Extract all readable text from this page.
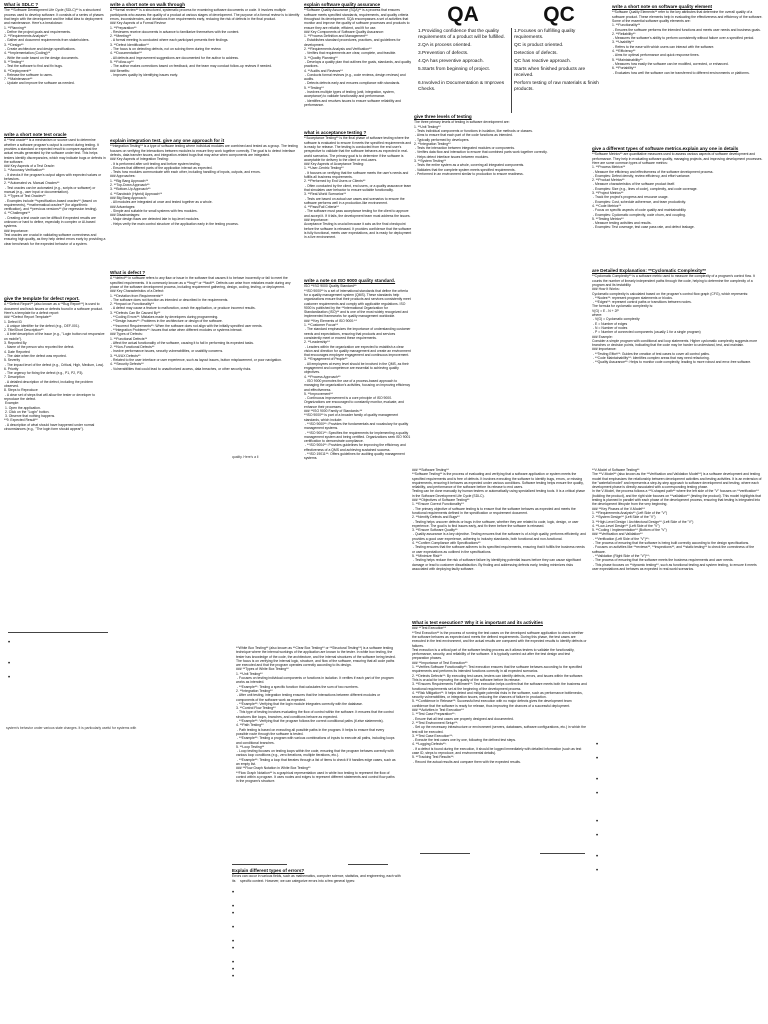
QA	QC
1.Providing confidence that the quality requirements of a product will be fulfilled.
1.Focuses on fulfilling quality requirements.
2.QA is process oriented.	QC is product oriented.
3.Prevention of defects.	Detection of defects.
4.QA has preventive approach.	QC has reactive approach.
5.Starts from beginning of project.	Starts when finished products are received.
6.Involved in Documentation & Improves Checks.
Perform testing of raw materials & finish products.
What is SDLC ?

The **Software Development Life Cycle (SDLC)** is a structured process used to develop software. It consists of a series of phases that begin with the development and the initial idea to deployment and maintenance. Here's a breakdown:
1. **Planning**
- Define the project goals and requirements.
2. **Requirements Analysis**
- Gather and document requirements from stakeholders.
3. **Design**
- Create architecture and design specifications.
4. **Implementation (Coding)**
- Write the code based on the design documents.
5. **Testing**
- Test the software to find and fix bugs.
6. **Deployment**
- Release the software to users.
7. **Maintenance**
- Update and improve the software as needed.

write a short note test oracle

A **test oracle** is a mechanism or source used to determine whether a software program's output is correct during testing. It provides a standard or expected result to compare against the actual results generated by the software under test. This helps testers identify discrepancies, which may indicate bugs or defects in the software.
### Key Aspects of a Test Oracle:
1. **Accuracy Verification**
- It checks if the program's output aligns with expected values or behaviors.
2. **Automated vs. Manual Oracles**
- Test oracles can be automated (e.g., scripts or software) or manual (e.g., user input or documentation).
3. **Types of Test Oracles**
- Examples include **specification-based oracles** (based on requirements), **mathematical oracles** (for algorithmic verification), and **previous versions** (for regression testing).
4. **Challenges**
- Creating a test oracle can be difficult if expected results are unknown or hard to define, especially in complex or AI-based systems.
### Importance:
Test oracles are crucial in validating software correctness and ensuring high quality, as they help detect errors early by providing a clear benchmark for the expected behavior of a system.

give the template for defect report.

A **Defect Report** (also known as a **Bug Report**) is used to document and track issues or defects found in a software product. Here's a template for a defect report:
### **Defect Report Template**
1. Defect ID
- A unique identifier for the defect (e.g., DEF-001).
2. Title/Short Description**
- A brief description of the issue (e.g., "Login button not responsive on mobile").
3. Reported By
- Name of the person who reported the defect.
4. Date Reported
- The date when the defect was reported.
5. Severity
- The impact level of the defect (e.g., Critical, High, Medium, Low).
6. Priority
- The urgency for fixing the defect (e.g., P1, P2, P3).
7. Description
- A detailed description of the defect, including the problem observed.
8. Steps to Reproduce
- A clear set of steps that will allow the tester or developer to reproduce the defect.
Example:
1. Open the application.
2. Click on the "Login" button.
3. Observe that nothing happens.
**9. Expected Result**
- A description of what should have happened under normal circumstances (e.g., "The login form should appear").

write a short note on walk through

A **formal review** is a structured, systematic process for examining software documents or code. It involves multiple participants who assess the quality of a product at various stages of development. The purpose of a formal review is to identify errors, inconsistencies, and deviations from requirements early, reducing the risk of defects in the final product.
### Key Aspects of a Formal Review:
1. **Preparation**
- Reviewers receive documents in advance to familiarize themselves with the content.
2. **Meeting**
- A formal meeting is conducted where each participant presents their findings.
3. **Defect Identification**
- The focus is on detecting defects, not on solving them during the review.
4. **Documentation**
- All defects and improvement suggestions are documented for the author to address.
5. **Follow-up**
- The author makes corrections based on feedback, and the team may conduct follow-up reviews if needed.
### Benefits:
- Improves quality by identifying issues early.

explain integration test. give any one approach for it

**Integration Testing** is a type of software testing where individual modules are combined and tested as a group. The testing focuses on verifying the interactions between modules to ensure they work together correctly. The goal is to detect interface defects, data transfer issues, and integration-related bugs that may arise when components are integrated.
### Key Aspects of Integration Testing:
- It is performed after unit testing and before system testing.
- Ensures that different parts of the application interact as expected.
- Tests how modules communicate with each other, including handling of inputs, outputs, and errors.
### Approaches:
1. **Big Bang Approach**
2. **Top-Down Approach**
3. **Bottom-Up Approach**
4. **Sandwich (Hybrid) Approach**
### Big Bang Approach:
- All modules are integrated at once and tested together as a whole.
### Advantages:
- Simple and suitable for small systems with few modules.
### Disadvantages:
- Major design flaws are detected late in top-level modules.
- Helps verify the main control structure of the application early in the testing process.

What is defect ?

A **defect** in software refers to any flaw or issue in the software that causes it to behave incorrectly or fail to meet the specified requirements. It is commonly known as a **bug** or **fault**. Defects can arise from mistakes made during any phase of the software development process, including requirement gathering, design, coding, testing, or deployment.
### Key Characteristics of a Defect:
1. **Deviation from Requirements**
- The software does not function as intended or described in the requirements.
2. **Impact on Functionality**
- A defect may cause a feature to malfunction, crash the application, or produce incorrect results.
3. **Defects Can Be Caused By**
- **Coding Errors**: Mistakes made by developers during programming.
- **Design Issues**: Problems in the architecture or design of the software.
- **Incorrect Requirements**: When the software does not align with the initially specified user needs.
- **Integration Problems**: Issues that arise when different modules or systems interact.
### Types of Defects:
1. **Functional Defects**
- Affect the actual functionality of the software, causing it to fail in performing its expected tasks.
2. **Non-Functional Defects**
- Involve performance issues, security vulnerabilities, or usability concerns.
3. **UI/UX Defects**
- Related to the user interface or user experience, such as layout issues, button misplacement, or poor navigation.
4. **Security Defects**
- Vulnerabilities that could lead to unauthorized access, data breaches, or other security risks.

explain software quality assurance

**Software Quality Assurance (SQA)** is a process that ensures software meets specified standards, requirements, and quality criteria throughout its development. SQA encompasses a set of activities that monitor and improve the quality of software processes and products to ensure they are reliable, efficient, and fit for use.
### Key Components of Software Quality Assurance:
1. **Process Definition and Management**
- Establishes standard procedures, practices, and guidelines for development.
2. **Requirements Analysis and Verification**
- Verifies that requirements are clear, complete, and feasible.
3. **Quality Planning**
- Develops a quality plan that outlines the goals, standards, and quality practices.
4. **Audits and Reviews**
- Conducts formal reviews (e.g., code reviews, design reviews) and audits.
- Detects defects early and ensures compliance with standards.
5. **Testing**
- Involves multiple types of testing (unit, integration, system, acceptance) to validate functionality and performance.
- Identifies and resolves issues to ensure software reliability and performance.

what is acceptance testing ?

**Acceptance Testing** is the final phase of software testing where the software is evaluated to ensure it meets the specified requirements and is ready for release. The testing is conducted from the end user's perspective to validate that the software behaves as expected in real-world scenarios. The primary goal is to determine if the software is acceptable for delivery to the client or end-users.
### Key Aspects of Acceptance Testing:
1. **User-Centric Testing**
- It focuses on verifying that the software meets the user's needs and fulfills all business requirements.
2. **Performed by End Users or Clients**
- Often conducted by the client, end users, or a quality assurance team that simulates user behavior to ensure suitable functionality.
3. **Real-World Scenarios**
- Tests are based on actual use cases and scenarios to ensure the software performs well in a production-like environment.
4. **Pass/Fail Criteria**
- The software must pass acceptance testing for the client to approve and accept it. If it fails, the development team must address the issues.
### Importance:
Acceptance Testing is crucial because it acts as the final checkpoint before the software is released. It provides confidence that the software is fully functional, meets user expectations, and is ready for deployment in a live environment.

write a note on ISO 9000 quality standard.

ISO **ISO 9000 Quality Standard**
**ISO 9000** is a set of international standards that define the criteria for a quality management system (QMS). These standards help organizations ensure that their products and services consistently meet customer requirements and comply with applicable regulations. ISO 9000 is published by the **International Organization for Standardization (ISO)** and is one of the most widely recognized and implemented frameworks for quality management worldwide.
### **Key Elements of ISO 9000:**
1. **Customer Focus**
- The standard emphasizes the importance of understanding customer needs and expectations, ensuring that products and services consistently meet or exceed these requirements.
2. **Leadership**
- Leaders within the organization are expected to establish a clear vision and direction for quality management and create an environment that encourages employee engagement and continuous improvement.
3. **Engagement of People**
- All employees at every level should be involved in the QMS, as their engagement and competence are essential to achieving quality objectives.
4. **Process Approach**
- ISO 9000 promotes the use of a process-based approach to managing the organization's activities, focusing on improving efficiency and effectiveness.
5. **Improvement**
- Continuous improvement is a core principle of ISO 9000. Organizations are encouraged to constantly monitor, evaluate, and enhance their processes.
### **ISO 9000 Family of Standards:**
**ISO 9000** is part of a broader family of quality management standards, which include:
- **ISO 9000**: Provides the fundamentals and vocabulary for quality management systems.
- **ISO 9001**: Specifies the requirements for implementing a quality management system and being certified. Organizations seek ISO 9001 certification to demonstrate compliance.
- **ISO 9004**: Provides guidelines for improving the efficiency and effectiveness of a QMS and achieving sustained success.
- **ISO 19011**: Offers guidelines for auditing quality management systems.

give three levels of testing

The three primary levels of testing in software development are:
1. **Unit Testing**
- Tests individual components or functions in isolation, like methods or classes.
- Aims to ensure that each part of the code functions as intended.
- Typically performed by developers.
2. **Integration Testing**
- Tests the interaction between integrated modules or components.
- Verifies data flow and interaction to ensure that combined parts work together correctly.
- Helps detect interface issues between modules.
3. **System Testing**
- Tests the entire system as a whole, covering all integrated components.
- Validates that the complete system meets specified requirements.
- Performed in an environment similar to production to ensure readiness.

write a short note on software quality element

**Software Quality Elements** refer to the key attributes that determine the overall quality of a software product. These elements help in evaluating the effectiveness and efficiency of the software. Some of the essential software quality elements are:
1. **Functionality**
- Ensures the software performs the intended functions and meets user needs and business goals.
2. **Reliability**
- Measures the software's ability to perform consistently without failure over a specified period.
3. **Usability**
- Refers to the ease with which users can interact with the software.
4. **Efficiency**
- Aims for optimal performance and quick response times.
5. **Maintainability**
- Measures how easily the software can be modified, corrected, or enhanced.
6. **Portability**
- Evaluates how well the software can be transferred to different environments or platforms.

give a different types of software metrics.explain any one in details

**Software Metrics** are quantitative measures used to assess various aspects of software development and performance. They help in evaluating software quality, managing projects, and improving development processes. Here are some common types of software metrics:
1. **Process Metrics**
- Measure the efficiency and effectiveness of the software development process.
- Examples: Defect density, review efficiency, and effort variance.
2. **Product Metrics**
- Measure characteristics of the software product itself.
- Examples: Size (e.g., lines of code), complexity, and code coverage.
3. **Project Metrics**
- Track the project's progress and resource usage.
- Examples: Cost, schedule adherence, and team productivity.
4. **Code Metrics**
- Focus on specific aspects of code quality and maintainability.
- Examples: Cyclomatic complexity, code churn, and coupling.
5. **Testing Metrics**
- Measure testing activities and results.
- Examples: Test coverage, test case pass rate, and defect leakage.

are Detailed Explanation: **Cyclomatic Complexity**

**Cyclomatic Complexity** is a software metric used to measure the complexity of a program's control flow. It counts the number of linearly independent paths through the code, helping to determine the complexity of a program and its testability.
### How It Works:
Cyclomatic complexity is calculated based on the program's control flow graph (CFG), which represents:
- **Nodes**: represent program statements or blocks.
- **Edges**: represent control paths or transitions between nodes.
The formula for cyclomatic complexity is:
V(G) = E - N + 2P
where:
- V(G) = Cyclomatic complexity
- E = Number of edges
- N = Number of nodes
- P = Number of connected components (usually 1 for a single program)
### Example:
Consider a simple program with conditional and loop statements. Higher cyclomatic complexity suggests more branches or decision points, indicating that the code may be harder to understand, test, and maintain.
### Importance:
- **Testing Effort**: Guides the creation of test cases to cover all control paths.
- **Code Maintainability**: Identifies complex areas that may need refactoring.
- **Quality Assurance**: Helps to monitor code complexity, leading to more robust and error-free software.

quality. Here's a li

system's behavior under various state changes. It is particularly useful for systems with

•

•

•

**White Box Testing** (also known as **Clear Box Testing** or **Structural Testing**) is a software testing technique where the internal workings of the application are known to the tester. In white box testing, the tester has knowledge of the code, the architecture, and the internal structures of the software being tested. The focus is on verifying the internal logic, structure, and flow of the software, ensuring that all code paths are executed and that the program operates correctly according to its design.
### **Types of White Box Testing**
1. **Unit Testing**
- Focuses on testing individual components or functions in isolation. It verifies if each part of the program works as intended.
- **Example**: Testing a specific function that calculates the sum of two numbers.
2. **Integration Testing**
- After unit testing, integration testing ensures that the interactions between different modules or components of the software work as expected.
- **Example**: Verifying that the login module integrates correctly with the database.
3. **Control Flow Testing**
- This type of testing involves evaluating the flow of control within the software. It ensures that the control structures like loops, branches, and conditions behave as expected.
- **Example**: Verifying that the program follows the correct conditional paths (if-else statements).
4. **Path Testing**
- Path testing is based on executing all possible paths in the program. It helps to ensure that every possible route through the software is tested.
- **Example**: Testing a program with various combinations of inputs to execute all paths, including loops and conditional branches.
5. **Loop Testing**
- Loop testing focuses on testing loops within the code, ensuring that the program behaves correctly with various loop conditions (e.g., zero iterations, multiple iterations, etc.).
- **Example**: Testing a loop that iterates through a list of items to check if it handles edge cases, such as an empty list.
### **Flow Graph Notation in White Box Testing**
**Flow Graph Notation** is a graphical representation used in white box testing to represent the flow of control within a program. It uses nodes and edges to represent different statements and control flow paths in the program's structure.

Explain different types of errors?

Errors can occur in various fields, such as mathematics, computer science, statistics, and engineering, each with its     specific context. However, we can categorize errors into a few general types:

•

•
•

•

•
•

•
•
•

### **Software Testing**
**Software Testing** is the process of evaluating and verifying that a software application or system meets the specified requirements and is free of defects. It involves executing the software to identify bugs, errors, or missing requirements, ensuring it behaves as expected under various conditions. Software testing helps ensure the quality, reliability, and performance of the software before its release to end users.
Testing can be done manually by human testers or automatically using specialized testing tools. It is a critical phase in the Software Development Life Cycle (SDLC).
### **Objectives of Software Testing**
1. **Ensure Correct Functionality**
- The primary objective of software testing is to ensure that the software behaves as expected and meets the functional requirements defined in the specification or requirement document.
2. **Identify Defects and Bugs**
- Testing helps uncover defects or bugs in the software, whether they are related to code, logic, design, or user experience. The goal is to find issues early, and fix them before the software is released.
3. **Ensure Software Quality**
- Quality assurance is a key objective. Testing ensures that the software is of a high quality, performs efficiently, and provides a good user experience, adhering to industry standards, both functional and non-functional.
4. **Confirm Compliance with Specifications**
- Testing ensures that the software adheres to its specified requirements, ensuring that it fulfills the business needs or user expectations as outlined in the specifications.
5. **Minimize Risk**
- Testing helps reduce the risk of software failure by identifying potential issues before they can cause significant damage or lead to customer dissatisfaction. By finding and addressing defects early, testing minimizes risks associated with deploying faulty software.

What is test execution? Why it is important and its activities

### **Test Execution**
**Test Execution** is the process of running the test cases on the developed software application to check whether the software behaves as expected and meets the defined requirements. During this phase, the test cases are executed in the test environment, and the actual results are compared with the expected results to identify defects or failures.
Test execution is a critical part of the software testing process as it allows testers to validate the functionality, performance, security, and reliability of the software. It is typically carried out after the test design and test preparation phases.
### **Importance of Test Execution**
1. **Verifies Software Functionality**: Test execution ensures that the software behaves according to the specified requirements and performs its intended functions correctly in all expected scenarios.
2. **Detects Defects**: By executing test cases, testers can identify defects, errors, and issues within the software. This is crucial for improving the quality of the software before its release.
3. **Ensures Requirements Fulfillment**: Test execution helps confirm that the software meets both the business and functional requirements set at the beginning of the development process.
4. **Risk Mitigation**: It helps detect and mitigate potential risks in the software, such as performance bottlenecks, security vulnerabilities, or integration issues, reducing the chances of failure in production.
5. **Confidence in Release**: Successful test execution with no major defects gives the development team confidence that the software is ready for release, thus improving the chances of a successful deployment.
### **Activities in Test Execution**
1. **Test Case Preparation**:
- Ensure that all test cases are properly designed and documented.
2. **Test Environment Setup**:
- Set up the necessary infrastructure or environment (servers, databases, software configurations, etc.) in which the test will be executed.
3. **Test Case Execution**:
- Execute the test cases one by one, following the defined test steps.
4. **Logging Defects**:
- If a defect is found during the execution, it should be logged immediately with detailed information (such as test case ID, steps to reproduce, and environmental details).
5. **Tracking Test Results**:
- Record the actual results and compare them with the expected results.

**V-Model of Software Testing**
The **V-Model** (also known as the **Verification and Validation Model**) is a software development and testing model that emphasizes the relationship between development activities and testing activities. It is an extension of the "waterfall model" and represents a step-by-step approach to software development and testing, where each development phase is directly associated with a corresponding testing phase.
In the V-Model, the process follows a **V-shaped path** where the left side of the "V" focuses on **verification** (building the product), and the right side focuses on **validation** (testing the product). This model highlights that testing is planned in parallel with each phase of the development process, ensuring that testing is integrated into the development lifecycle from the very beginning.
### **Key Phases of the V-Model**
1. **Requirements Analysis** (Left Side of the "V")
2. **System Design** (Left Side of the "V")
3. **High-Level Design / Architectural Design** (Left Side of the "V")
4. **Low-Level Design** (Left Side of the "V")
5. **Coding / Implementation** (Bottom of the "V")
### **Verification and Validation**
- **Verification (Left Side of the "V")**:
- The process of ensuring that the software is being built correctly according to the design specifications.
- Focuses on activities like **reviews**, **inspections**, and **static testing** to check the correctness of the software.
- **Validation (Right Side of the "V")**:
- The process of ensuring that the software meets the business requirements and user needs.
- This phase focuses on **dynamic testing**, such as functional testing and system testing, to ensure it meets user expectations and behaves as expected in real-world scenarios.

•

•

•

•

•

•

•

•
